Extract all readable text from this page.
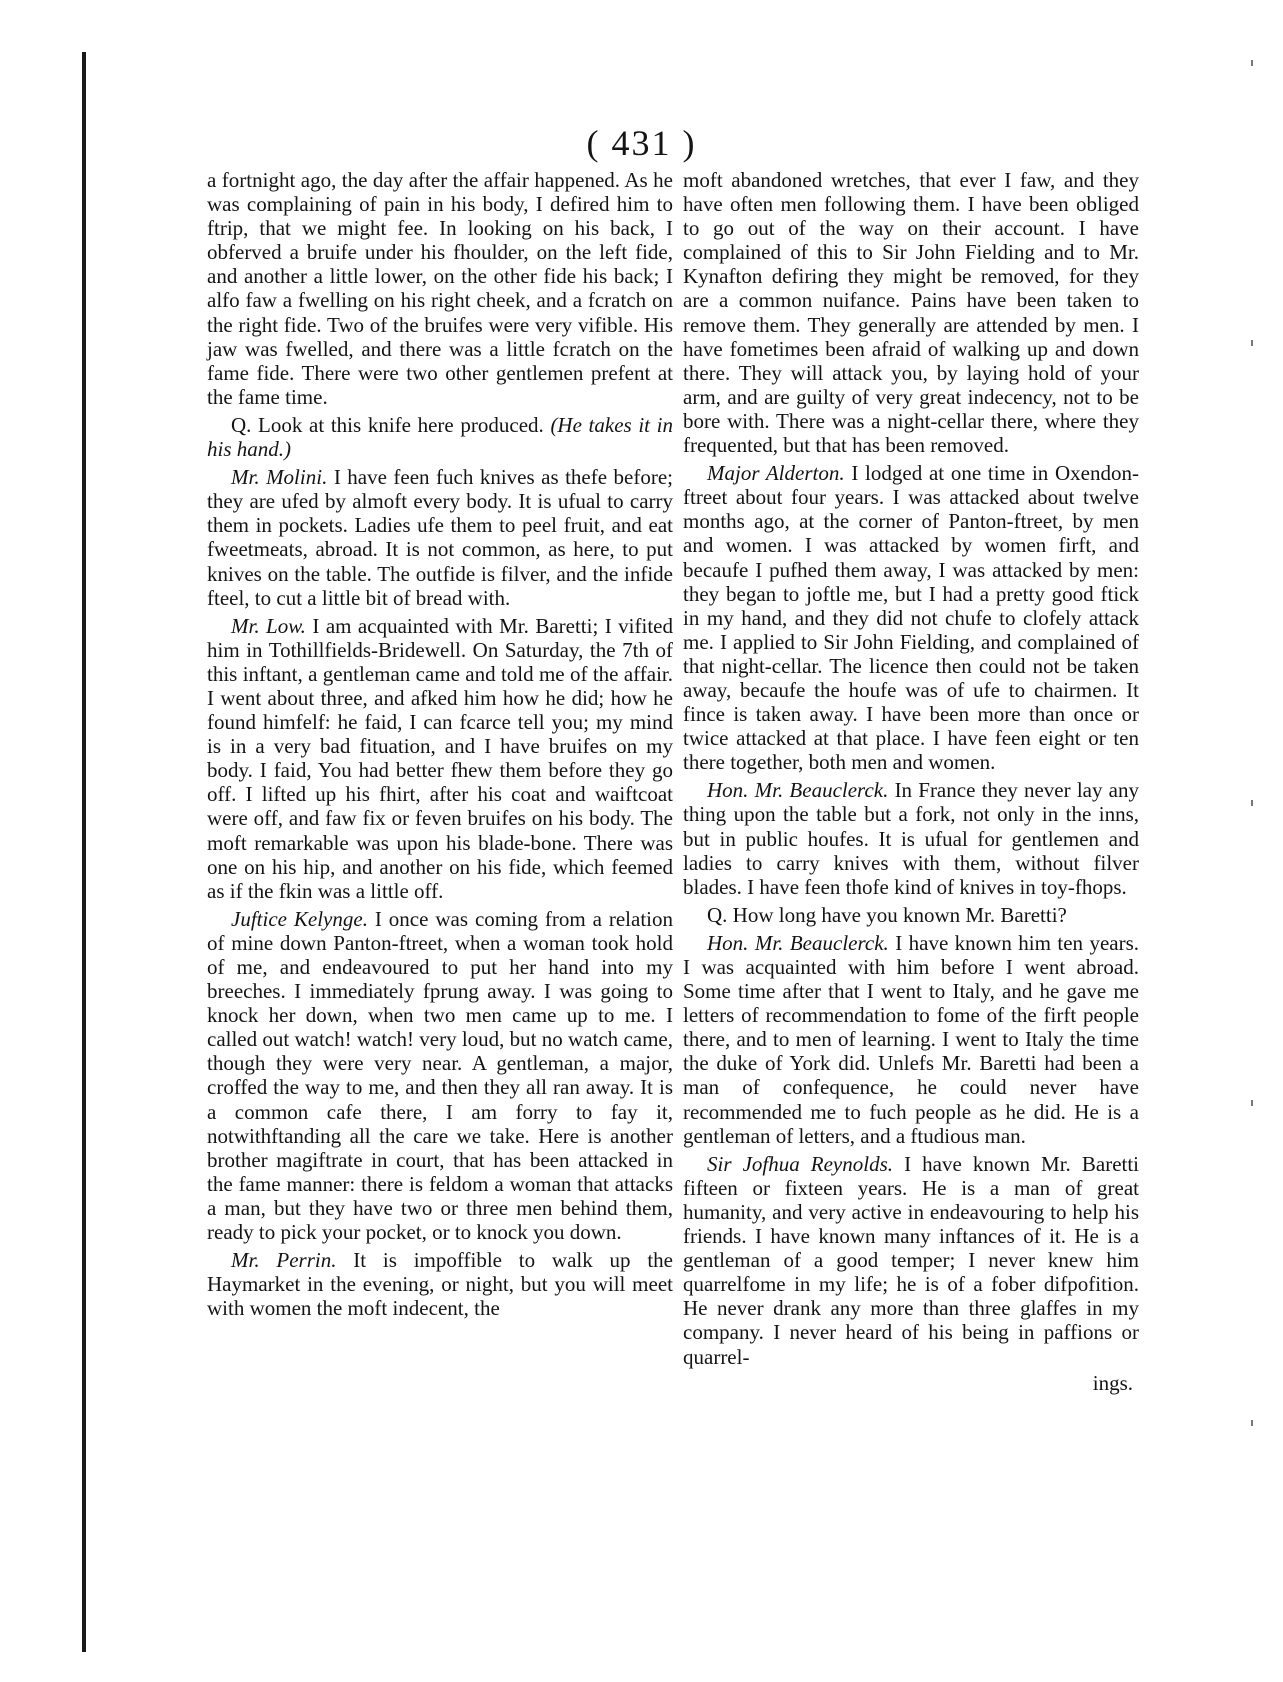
( 431 )

a fortnight ago, the day after the affair happened. As he was complaining of pain in his body, I defired him to ftrip, that we might fee. In looking on his back, I obferved a bruife under his fhoulder, on the left fide, and another a little lower, on the other fide his back; I alfo faw a fwelling on his right cheek, and a fcratch on the right fide. Two of the bruifes were very vifible. His jaw was fwelled, and there was a little fcratch on the fame fide. There were two other gentlemen prefent at the fame time.

Q. Look at this knife here produced. (He takes it in his hand.)

Mr. Molini. I have feen fuch knives as thefe before; they are ufed by almoft every body. It is ufual to carry them in pockets. Ladies ufe them to peel fruit, and eat fweetmeats, abroad. It is not common, as here, to put knives on the table. The outfide is filver, and the infide fteel, to cut a little bit of bread with.

Mr. Low. I am acquainted with Mr. Baretti; I vifited him in Tothillfields-Bridewell. On Saturday, the 7th of this inftant, a gentleman came and told me of the affair. I went about three, and afked him how he did; how he found himfelf: he faid, I can fcarce tell you; my mind is in a very bad fituation, and I have bruifes on my body. I faid, You had better fhew them before they go off. I lifted up his fhirt, after his coat and waiftcoat were off, and faw fix or feven bruifes on his body. The moft remarkable was upon his blade-bone. There was one on his hip, and another on his fide, which feemed as if the fkin was a little off.

Juftice Kelynge. I once was coming from a relation of mine down Panton-ftreet, when a woman took hold of me, and endeavoured to put her hand into my breeches. I immediately fprung away. I was going to knock her down, when two men came up to me. I called out watch! watch! very loud, but no watch came, though they were very near. A gentleman, a major, croffed the way to me, and then they all ran away. It is a common cafe there, I am forry to fay it, notwithftanding all the care we take. Here is another brother magiftrate in court, that has been attacked in the fame manner: there is feldom a woman that attacks a man, but they have two or three men behind them, ready to pick your pocket, or to knock you down.

Mr. Perrin. It is impoffible to walk up the Haymarket in the evening, or night, but you will meet with women the moft indecent, the

moft abandoned wretches, that ever I faw, and they have often men following them. I have been obliged to go out of the way on their account. I have complained of this to Sir John Fielding and to Mr. Kynafton defiring they might be removed, for they are a common nuifance. Pains have been taken to remove them. They generally are attended by men. I have fometimes been afraid of walking up and down there. They will attack you, by laying hold of your arm, and are guilty of very great indecency, not to be bore with. There was a night-cellar there, where they frequented, but that has been removed.

Major Alderton. I lodged at one time in Oxendon-ftreet about four years. I was attacked about twelve months ago, at the corner of Panton-ftreet, by men and women. I was attacked by women firft, and becaufe I pufhed them away, I was attacked by men: they began to joftle me, but I had a pretty good ftick in my hand, and they did not chufe to clofely attack me. I applied to Sir John Fielding, and complained of that night-cellar. The licence then could not be taken away, becaufe the houfe was of ufe to chairmen. It fince is taken away. I have been more than once or twice attacked at that place. I have feen eight or ten there together, both men and women.

Hon. Mr. Beauclerck. In France they never lay any thing upon the table but a fork, not only in the inns, but in public houfes. It is ufual for gentlemen and ladies to carry knives with them, without filver blades. I have feen thofe kind of knives in toy-fhops.

Q. How long have you known Mr. Baretti?

Hon. Mr. Beauclerck. I have known him ten years. I was acquainted with him before I went abroad. Some time after that I went to Italy, and he gave me letters of recommendation to fome of the firft people there, and to men of learning. I went to Italy the time the duke of York did. Unlefs Mr. Baretti had been a man of confequence, he could never have recommended me to fuch people as he did. He is a gentleman of letters, and a ftudious man.

Sir Jofhua Reynolds. I have known Mr. Baretti fifteen or fixteen years. He is a man of great humanity, and very active in endeavouring to help his friends. I have known many inftances of it. He is a gentleman of a good temper; I never knew him quarrelfome in my life; he is of a fober difpofition. He never drank any more than three glaffes in my company. I never heard of his being in paffions or quarrel-

ings.
